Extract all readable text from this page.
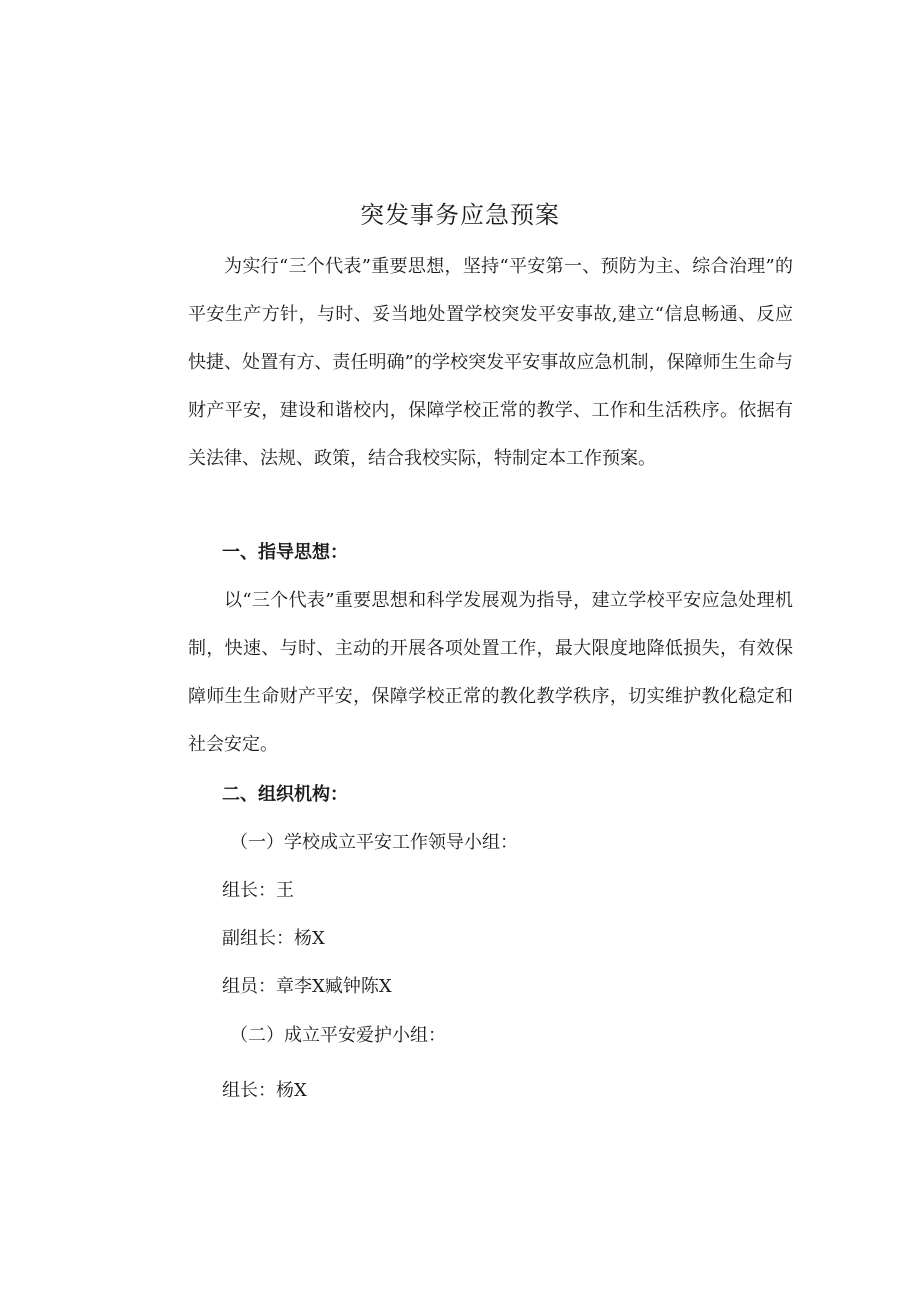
突发事务应急预案

为实行“三个代表”重要思想，坚持“平安第一、预防为主、综合治理”的平安生产方针，与时、妥当地处置学校突发平安事故,建立“信息畅通、反应快捷、处置有方、责任明确”的学校突发平安事故应急机制，保障师生生命与财产平安，建设和谐校内，保障学校正常的教学、工作和生活秩序。依据有关法律、法规、政策，结合我校实际，特制定本工作预案。

一、指导思想：

以“三个代表”重要思想和科学发展观为指导，建立学校平安应急处理机制，快速、与时、主动的开展各项处置工作，最大限度地降低损失，有效保障师生生命财产平安，保障学校正常的教化教学秩序，切实维护教化稳定和社会安定。

二、组织机构：

（一）学校成立平安工作领导小组：

组长：王

副组长：杨X

组员：章李X臧钟陈X

（二）成立平安爱护小组：

组长：杨X
